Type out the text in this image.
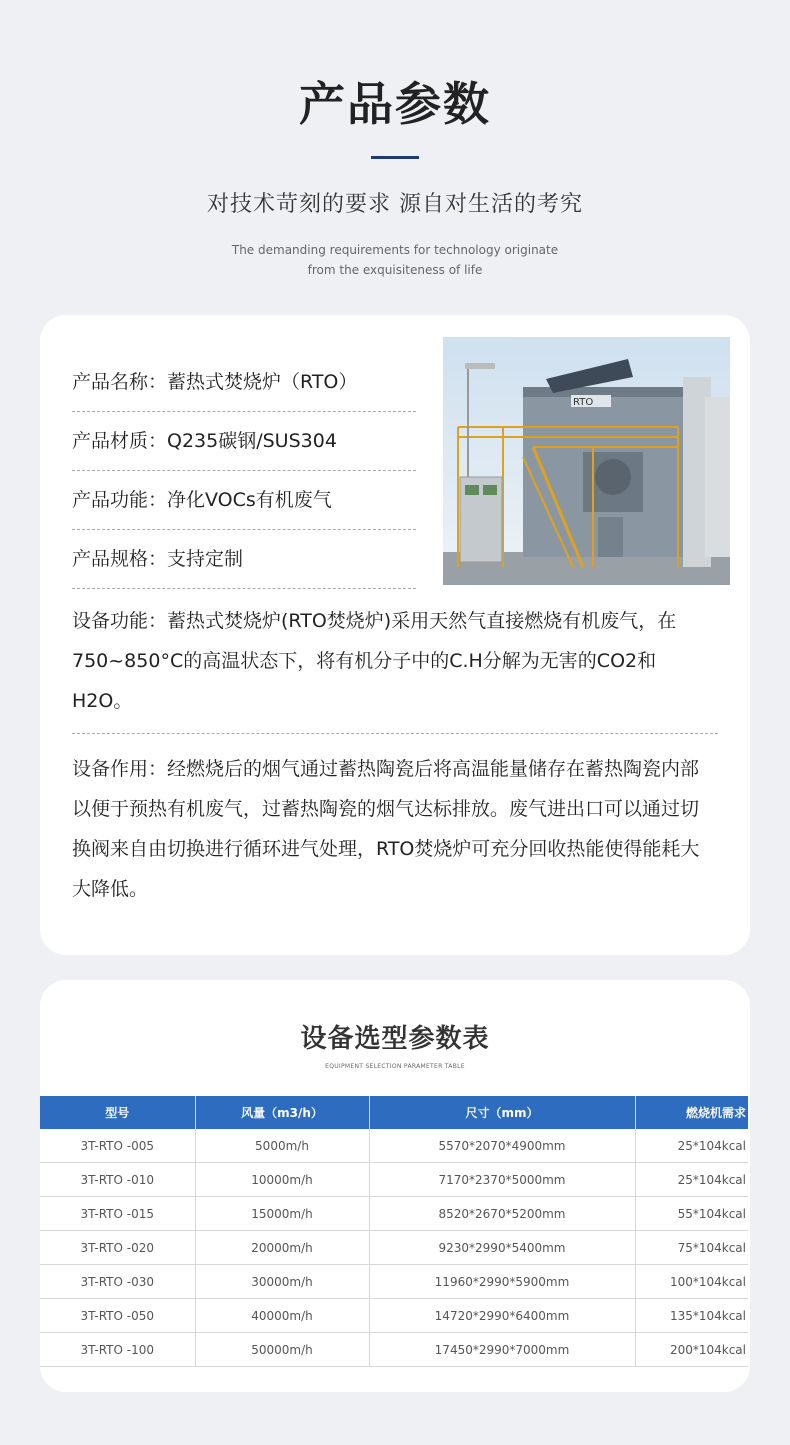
产品参数
对技术苛刻的要求 源自对生活的考究
The demanding requirements for technology originate
from the exquisiteness of life
产品名称：蓄热式焚烧炉（RTO）
产品材质：Q235碳钢/SUS304
产品功能：净化VOCs有机废气
产品规格：支持定制
RTO
设备功能：蓄热式焚烧炉(RTO焚烧炉)采用天然气直接燃烧有机废气，在750~850°C的高温状态下，将有机分子中的C.H分解为无害的CO2和H2O。
设备作用：经燃烧后的烟气通过蓄热陶瓷后将高温能量储存在蓄热陶瓷内部以便于预热有机废气，过蓄热陶瓷的烟气达标排放。废气进出口可以通过切换阀来自由切换进行循环进气处理，RTO焚烧炉可充分回收热能使得能耗大大降低。
设备选型参数表
EQUIPMENT SELECTION PARAMETER TABLE
型号	风量（m3/h）	尺寸（mm）	燃烧机需求
3T-RTO -005	5000m/h	5570*2070*4900mm	25*104kcal
3T-RTO -010	10000m/h	7170*2370*5000mm	25*104kcal
3T-RTO -015	15000m/h	8520*2670*5200mm	55*104kcal
3T-RTO -020	20000m/h	9230*2990*5400mm	75*104kcal
3T-RTO -030	30000m/h	11960*2990*5900mm	100*104kcal
3T-RTO -050	40000m/h	14720*2990*6400mm	135*104kcal
3T-RTO -100	50000m/h	17450*2990*7000mm	200*104kcal
